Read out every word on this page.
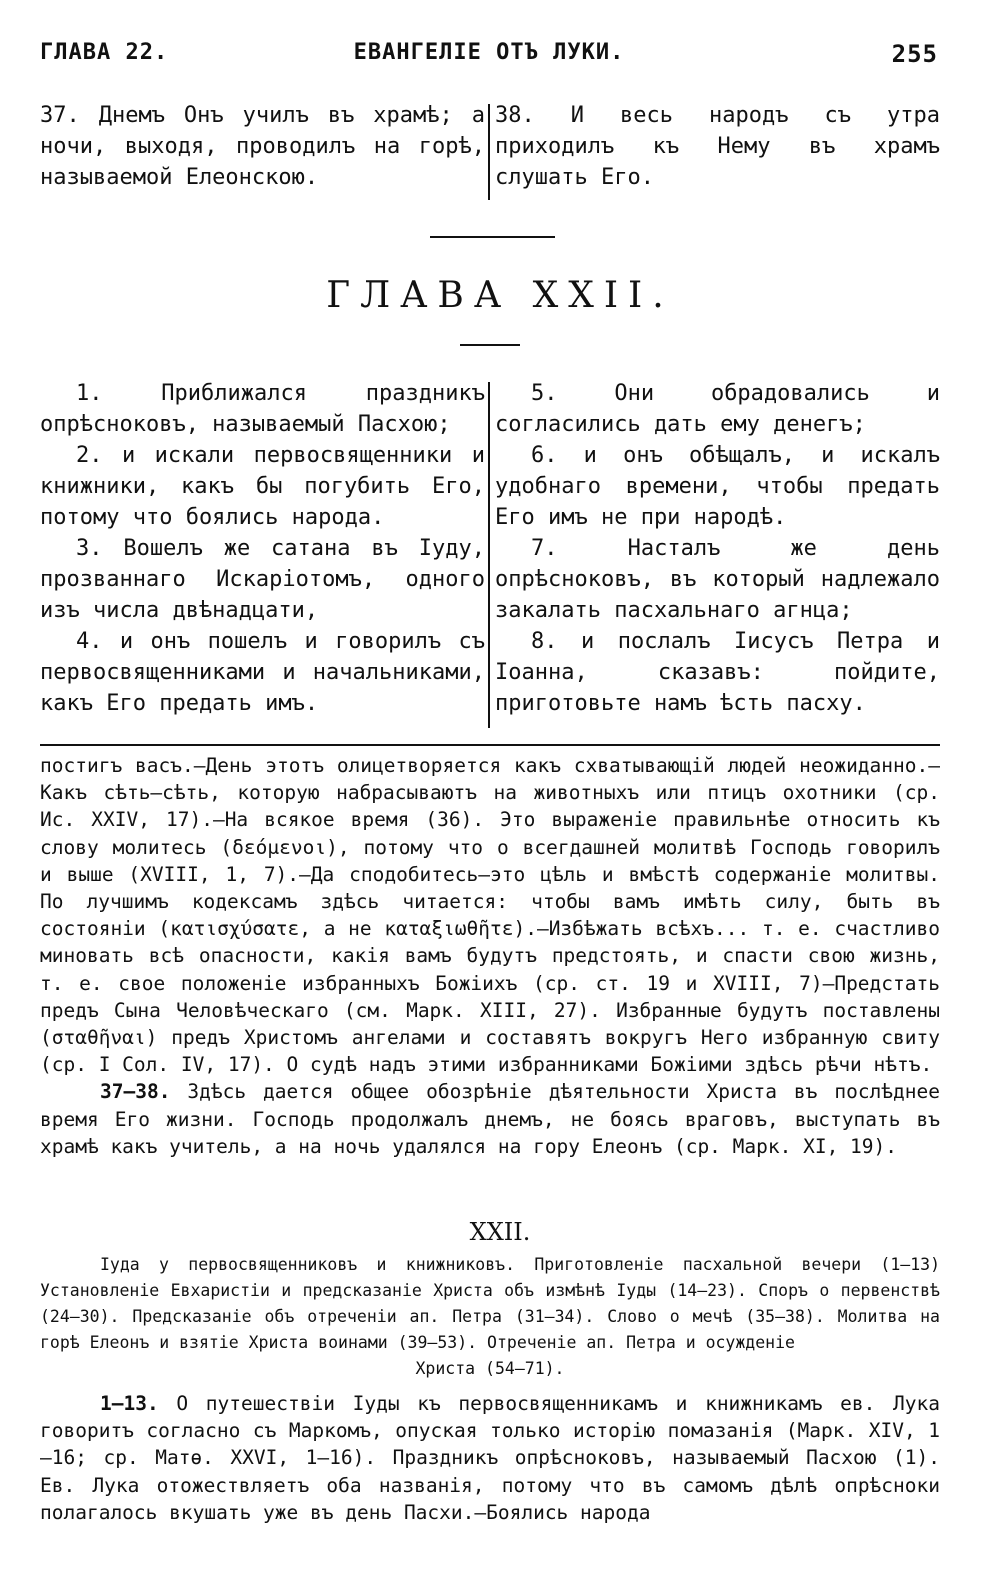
ГЛАВА 22.	ЕВАНГЕЛІЕ ОТЪ ЛУКИ.	255

37. Днемъ Онъ училъ въ храмѣ; а ночи, выходя, проводилъ на горѣ, называемой Елеонскою.

38. И весь народъ съ утра приходилъ къ Нему въ храмъ слушать Его.

ГЛАВА XXII.

1. Приближался праздникъ опрѣсноковъ, называемый Пасхою;

2. и искали первосвященники и книжники, какъ бы погубить Его, потому что боялись народа.

3. Вошелъ же сатана въ Іуду, прозваннаго Искаріотомъ, одного изъ числа двѣнадцати,

4. и онъ пошелъ и говорилъ съ первосвященниками и начальниками, какъ Его предать имъ.

5. Они обрадовались и согласились дать ему денегъ;

6. и онъ обѣщалъ, и искалъ удобнаго времени, чтобы предать Его имъ не при народѣ.

7. Насталъ же день опрѣсноковъ, въ который надлежало закалать пасхальнаго агнца;

8. и послалъ Іисусъ Петра и Іоанна, сказавъ: пойдите, приготовьте намъ ѣсть пасху.

постигъ васъ.—День этотъ олицетворяется какъ схватывающій людей неожиданно.—Какъ сѣть—сѣть, которую набрасываютъ на животныхъ или птицъ охотники (ср. Ис. XXIV, 17).—На всякое время (36). Это выраженіе правильнѣе относить къ слову молитесь (δεόμενοι), потому что о всегдашней молитвѣ Господь говорилъ и выше (XVIII, 1, 7).—Да сподобитесь—это цѣль и вмѣстѣ содержаніе молитвы. По лучшимъ кодексамъ здѣсь читается: чтобы вамъ имѣть силу, быть въ состояніи (κατισχύσατε, а не καταξιωθῆτε).—Избѣжать всѣхъ... т. е. счастливо миновать всѣ опасности, какія вамъ будутъ предстоять, и спасти свою жизнь, т. е. свое положеніе избранныхъ Божіихъ (ср. ст. 19 и XVIII, 7)—Предстать предъ Сына Человѣческаго (см. Марк. XIII, 27). Избранные будутъ поставлены (σταθῆναι) предъ Христомъ ангелами и составятъ вокругъ Него избранную свиту (ср. I Сол. IV, 17). О судѣ надъ этими избранниками Божіими здѣсь рѣчи нѣтъ.

37—38. Здѣсь дается общее обозрѣніе дѣятельности Христа въ послѣднее время Его жизни. Господь продолжалъ днемъ, не боясь враговъ, выступать въ храмѣ какъ учитель, а на ночь удалялся на гору Елеонъ (ср. Марк. XI, 19).

XXII.

Іуда у первосвященниковъ и книжниковъ. Приготовленіе пасхальной вечери (1—13) Установленіе Евхаристіи и предсказаніе Христа объ измѣнѣ Іуды (14—23). Споръ о первенствѣ (24—30). Предсказаніе объ отреченіи ап. Петра (31—34). Слово о мечѣ (35—38). Молитва на горѣ Елеонъ и взятіе Христа воинами (39—53). Отреченіе ап. Петра и осужденіе

Христа (54—71).

1—13. О путешествіи Іуды къ первосвященникамъ и книжникамъ ев. Лука говоритъ согласно съ Маркомъ, опуская только исторію помазанія (Марк. XIV, 1—16; ср. Матѳ. XXVI, 1—16). Праздникъ опрѣсноковъ, называемый Пасхою (1). Ев. Лука отожествляетъ оба названія, потому что въ самомъ дѣлѣ опрѣсноки полагалось вкушать уже въ день Пасхи.—Боялись народа
